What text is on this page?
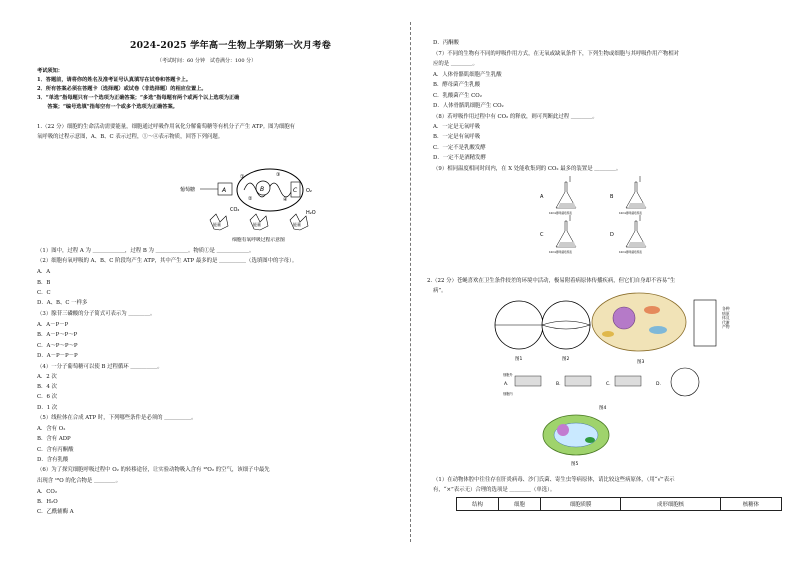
2024-2025 学年高一生物上学期第一次月考卷
（考试时间：60 分钟　试卷满分：100 分）
考试须知：
1．答题前，请将你的姓名及准考证号认真填写在试卷和答题卡上。
2．所有答案必须在答题卡（选择题）或试卷（非选择题）的相应位置上。
3．“单选”指每题只有一个选项为正确答案；“多选”指每题有两个或两个以上选项为正确
　　答案；“编号选填”指每空有一个或多个选项为正确答案。
1.（22 分）细胞的生命活动需要能量，细胞通过呼吸作用氧化分解葡萄糖等有机分子产生 ATP。图为细胞有
氧呼吸的过程示意图，A、B、C 表示过程，①～④表示物质，回答下列问题。
葡萄糖	A	B	C
①
②
③
④
O₂
CO₂	H₂O
能量	能量	能量
细胞有氧呼吸过程示意图
（1）图中，过程 A 为 ＿＿＿＿＿＿，过程 B 为 ＿＿＿＿＿＿。物质①是 ＿＿＿＿＿＿。
（2）细胞有氧呼吸的 A、B、C 阶段均产生 ATP，其中产生 ATP 最多的是 ＿＿＿＿＿（选填图中的字母）。
A．A
B．B
C．C
D．A、B、C 一样多
（3）腺苷三磷酸的分子简式可表示为 ＿＿＿＿。
A．A－P－P
B．A－P～P～P
C．A～P～P～P
D．A－P－P－P
（4）一分子葡萄糖可以使 B 过程循环 ＿＿＿＿＿。
A．2 次
B．4 次
C．6 次
D．1 次
（5）线粒体在合成 ATP 时，下列哪些条件是必须的 ＿＿＿＿＿。
A．含有 O₂
B．含有 ADP
C．含有丙酮酸
D．含有乳酸
（6）为了探究细胞呼吸过程中 O₂ 的转移途径，让实验动物吸入含有 ¹⁸O₂ 的空气，该细子中最先
出现含 ¹⁸O 的化合物是 ＿＿＿＿。
A．CO₂
B．H₂O
C．乙酰辅酶 A
D．丙酮酸
（7）不同的生物有不同的呼吸作用方式，在无氧或缺氧条件下，下列生物或细胞与其呼吸作用产物相对
应的是 ＿＿＿＿。
A．人体骨骼肌细胞产生乳酸
B．酵母菌产生乳酸
C．乳酸菌产生 CO₂
D．人体骨骼肌细胞产生 CO₂
（8）若呼吸作用过程中有 CO₂ 的释放，则可判断此过程 ＿＿＿＿。
A．一定是无氧呼吸
B．一定是有氧呼吸
C．一定不是乳酸发酵
D．一定不是酒精发酵
（9）相同温度相同时间内，在 X 处能收集到的 CO₂ 最多的装置是 ＿＿＿＿。
A
10mL酵母菌培养液
B
10mL酵母菌培养液
C
10mL酵母菌培养液
D
10mL酵母菌培养液
2.（22 分）苍蝇喜欢在卫生条件较差的环境中活动，极易附着病原体传播疾病，但它们自身却不容易“生
病”。
图1	图2
图3
A.	B.	C.	D.
细胞外
细胞内
图4
图5
（1）在动物体腔中往往存在肝炎病毒、沙门氏菌、寄生虫等病原体，请比较这些病原体，（用“√”表示
有，“×”表示无）合理的选项是 ＿＿＿＿（单选）。
结构	细胞	细胞质膜	成形细胞核	核糖体
各种病原体及代谢产物
